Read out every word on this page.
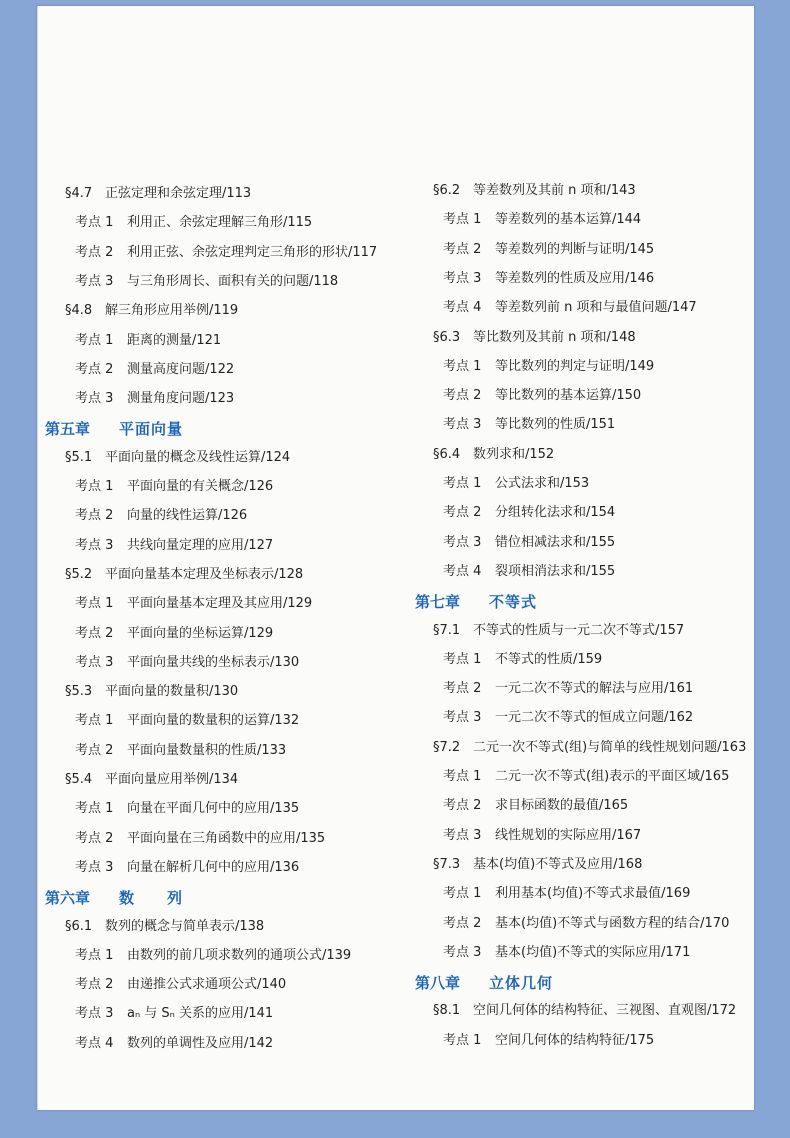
§4.7 正弦定理和余弦定理/113
考点 1 利用正、余弦定理解三角形/115
考点 2 利用正弦、余弦定理判定三角形的形状/117
考点 3 与三角形周长、面积有关的问题/118
§4.8 解三角形应用举例/119
考点 1 距离的测量/121
考点 2 测量高度问题/122
考点 3 测量角度问题/123
第五章 平面向量
§5.1 平面向量的概念及线性运算/124
考点 1 平面向量的有关概念/126
考点 2 向量的线性运算/126
考点 3 共线向量定理的应用/127
§5.2 平面向量基本定理及坐标表示/128
考点 1 平面向量基本定理及其应用/129
考点 2 平面向量的坐标运算/129
考点 3 平面向量共线的坐标表示/130
§5.3 平面向量的数量积/130
考点 1 平面向量的数量积的运算/132
考点 2 平面向量数量积的性质/133
§5.4 平面向量应用举例/134
考点 1 向量在平面几何中的应用/135
考点 2 平面向量在三角函数中的应用/135
考点 3 向量在解析几何中的应用/136
第六章 数　　列
§6.1 数列的概念与简单表示/138
考点 1 由数列的前几项求数列的通项公式/139
考点 2 由递推公式求通项公式/140
考点 3 aₙ 与 Sₙ 关系的应用/141
考点 4 数列的单调性及应用/142
§6.2 等差数列及其前 n 项和/143
考点 1 等差数列的基本运算/144
考点 2 等差数列的判断与证明/145
考点 3 等差数列的性质及应用/146
考点 4 等差数列前 n 项和与最值问题/147
§6.3 等比数列及其前 n 项和/148
考点 1 等比数列的判定与证明/149
考点 2 等比数列的基本运算/150
考点 3 等比数列的性质/151
§6.4 数列求和/152
考点 1 公式法求和/153
考点 2 分组转化法求和/154
考点 3 错位相减法求和/155
考点 4 裂项相消法求和/155
第七章 不等式
§7.1 不等式的性质与一元二次不等式/157
考点 1 不等式的性质/159
考点 2 一元二次不等式的解法与应用/161
考点 3 一元二次不等式的恒成立问题/162
§7.2 二元一次不等式(组)与简单的线性规划问题/163
考点 1 二元一次不等式(组)表示的平面区域/165
考点 2 求目标函数的最值/165
考点 3 线性规划的实际应用/167
§7.3 基本(均值)不等式及应用/168
考点 1 利用基本(均值)不等式求最值/169
考点 2 基本(均值)不等式与函数方程的结合/170
考点 3 基本(均值)不等式的实际应用/171
第八章 立体几何
§8.1 空间几何体的结构特征、三视图、直观图/172
考点 1 空间几何体的结构特征/175
